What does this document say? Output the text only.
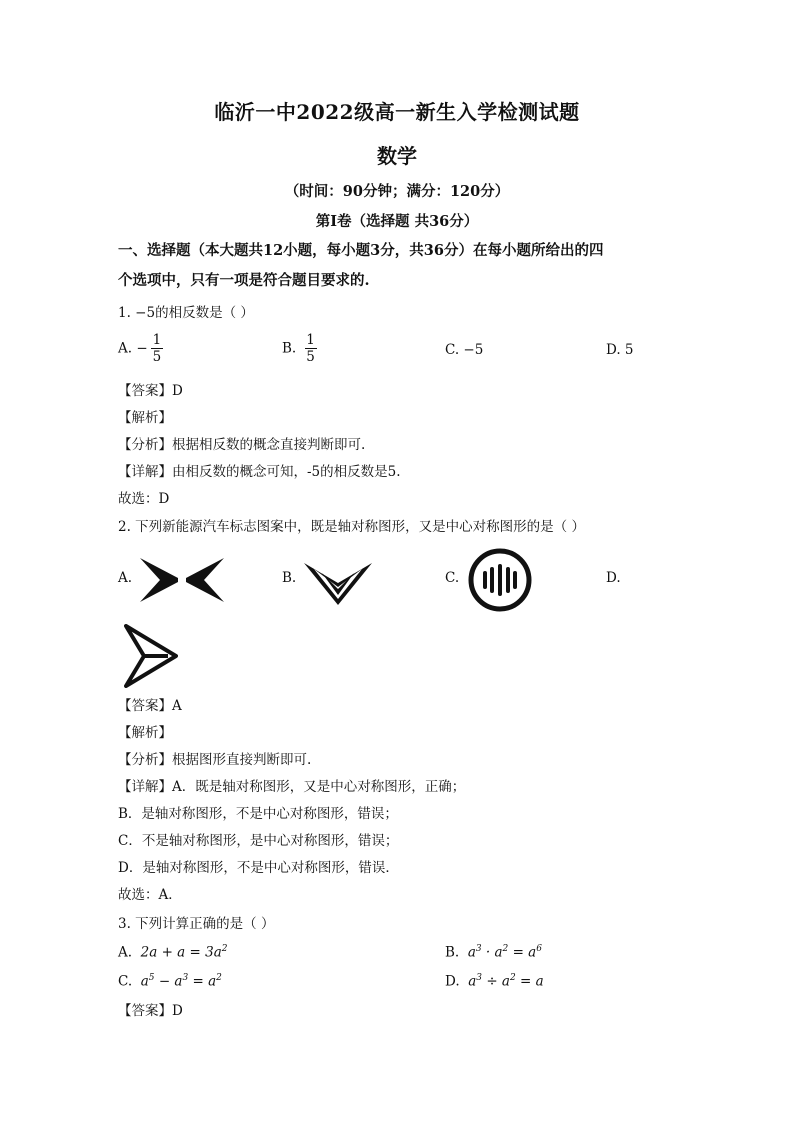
临沂一中2022级高一新生入学检测试题
数学
（时间：90分钟；满分：120分）
第Ⅰ卷（选择题 共36分）
一、选择题（本大题共12小题，每小题3分，共36分）在每小题所给出的四
个选项中，只有一项是符合题目要求的.
1. −5的相反数是（ ）
A. − $\frac{1}{5}$	B. $\frac{1}{5}$	C. −5	D. 5
【答案】D
【解析】
【分析】根据相反数的概念直接判断即可.
【详解】由相反数的概念可知，-5的相反数是5.
故选：D
2. 下列新能源汽车标志图案中，既是轴对称图形，又是中心对称图形的是（ ）
A.	B.	C.	D.
【答案】A
【解析】
【分析】根据图形直接判断即可.
【详解】A．既是轴对称图形，又是中心对称图形，正确；
B．是轴对称图形，不是中心对称图形，错误；
C．不是轴对称图形，是中心对称图形，错误；
D．是轴对称图形，不是中心对称图形，错误．
故选：A．
3. 下列计算正确的是（ ）
A. $2a + a = 3a^2$	B. $a^3 \cdot a^2 = a^6$
C. $a^5 - a^3 = a^2$	D. $a^3 \div a^2 = a$
【答案】D
